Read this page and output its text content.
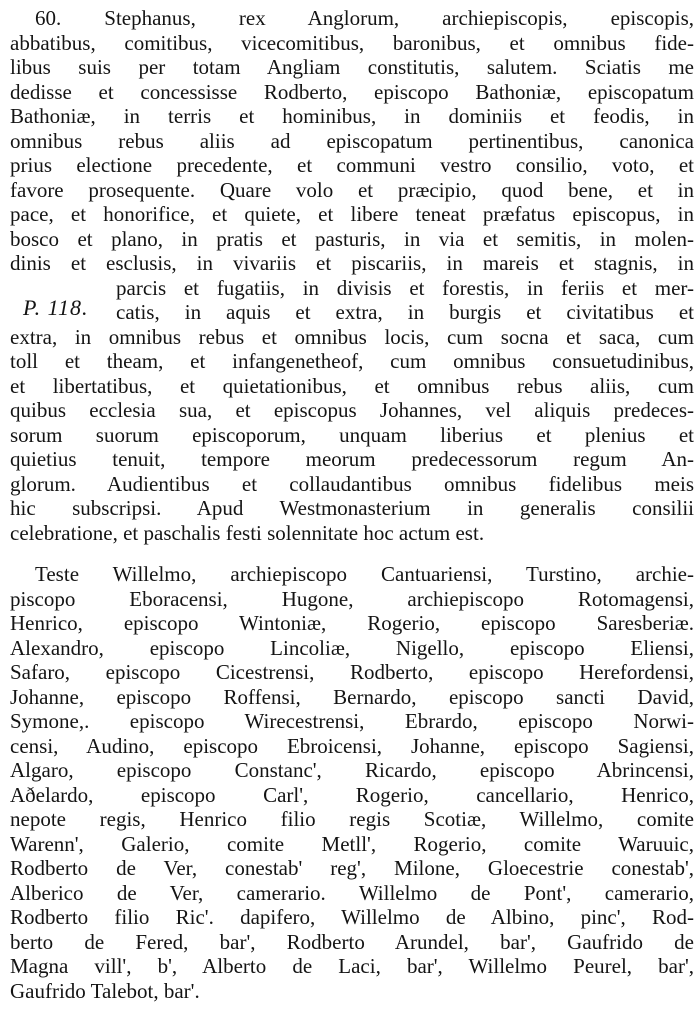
P. 118.
60. Stephanus, rex Anglorum, archiepiscopis, episcopis,
abbatibus, comitibus, vicecomitibus, baronibus, et omnibus fide-
libus suis per totam Angliam constitutis, salutem. Sciatis me
dedisse et concessisse Rodberto, episcopo Bathoniæ, episcopatum
Bathoniæ, in terris et hominibus, in dominiis et feodis, in
omnibus rebus aliis ad episcopatum pertinentibus, canonica
prius electione precedente, et communi vestro consilio, voto, et
favore prosequente. Quare volo et præcipio, quod bene, et in
pace, et honorifice, et quiete, et libere teneat præfatus episcopus, in
bosco et plano, in pratis et pasturis, in via et semitis, in molen-
dinis et esclusis, in vivariis et piscariis, in mareis et stagnis, in
parcis et fugatiis, in divisis et forestis, in feriis et mer-
catis, in aquis et extra, in burgis et civitatibus et
extra, in omnibus rebus et omnibus locis, cum socna et saca, cum
toll et theam, et infangenetheof, cum omnibus consuetudinibus,
et libertatibus, et quietationibus, et omnibus rebus aliis, cum
quibus ecclesia sua, et episcopus Johannes, vel aliquis predeces-
sorum suorum episcoporum, unquam liberius et plenius et
quietius tenuit, tempore meorum predecessorum regum An-
glorum. Audientibus et collaudantibus omnibus fidelibus meis
hic subscripsi. Apud Westmonasterium in generalis consilii
celebratione, et paschalis festi solennitate hoc actum est.
Teste Willelmo, archiepiscopo Cantuariensi, Turstino, archie-
piscopo Eboracensi, Hugone, archiepiscopo Rotomagensi,
Henrico, episcopo Wintoniæ, Rogerio, episcopo Saresberiæ.
Alexandro, episcopo Lincoliæ, Nigello, episcopo Eliensi,
Safaro, episcopo Cicestrensi, Rodberto, episcopo Herefordensi,
Johanne, episcopo Roffensi, Bernardo, episcopo sancti David,
Symone,. episcopo Wirecestrensi, Ebrardo, episcopo Norwi-
censi, Audino, episcopo Ebroicensi, Johanne, episcopo Sagiensi,
Algaro, episcopo Constanc', Ricardo, episcopo Abrincensi,
Aðelardo, episcopo Carl', Rogerio, cancellario, Henrico,
nepote regis, Henrico filio regis Scotiæ, Willelmo, comite
Warenn', Galerio, comite Metll', Rogerio, comite Waruuic,
Rodberto de Ver, conestab' reg', Milone, Gloecestrie conestab',
Alberico de Ver, camerario. Willelmo de Pont', camerario,
Rodberto filio Ric'. dapifero, Willelmo de Albino, pinc', Rod-
berto de Fered, bar', Rodberto Arundel, bar', Gaufrido de
Magna vill', b', Alberto de Laci, bar', Willelmo Peurel, bar',
Gaufrido Talebot, bar'.
